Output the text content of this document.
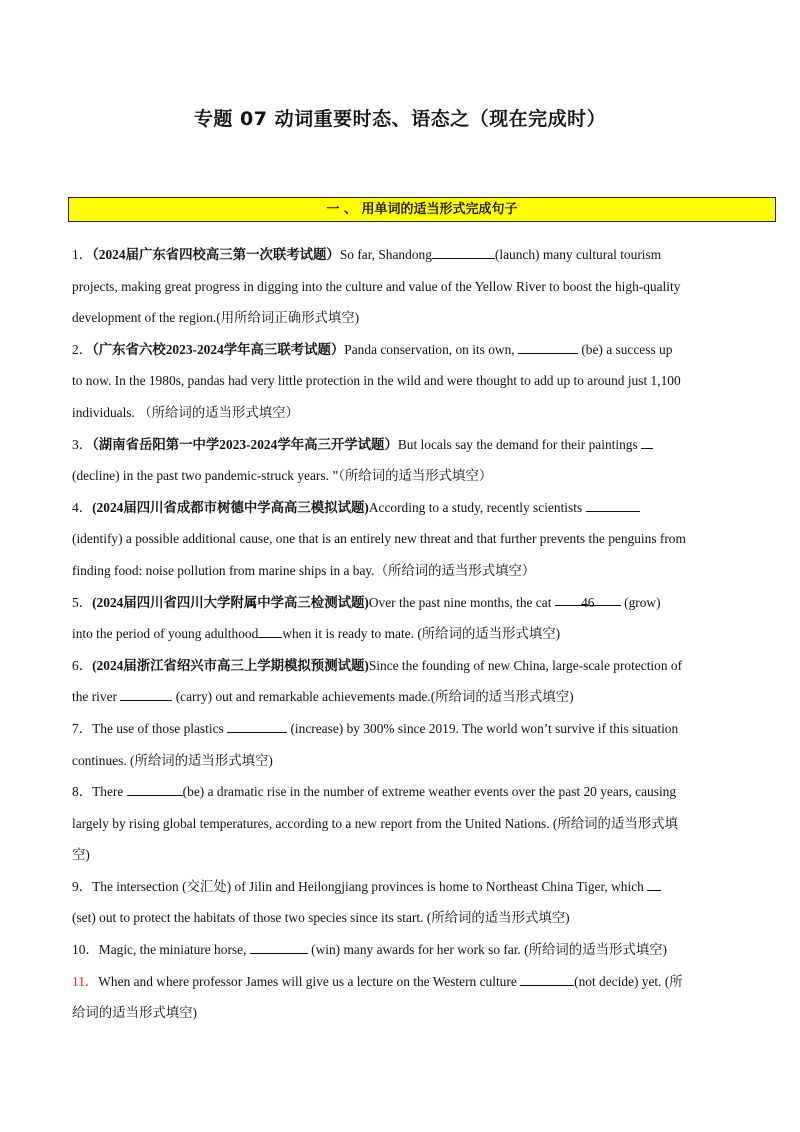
专题 07 动词重要时态、语态之（现在完成时）
一 、 用单词的适当形式完成句子
1．（2024届广东省四校高三第一次联考试题）So far, Shandong	(launch) many cultural tourism
projects, making great progress in digging into the culture and value of the Yellow River to boost the high-quality
development of the region.(用所给词正确形式填空)
2．（广东省六校2023-2024学年高三联考试题）Panda conservation, on its own,	(be) a success up
to now. In the 1980s, pandas had very little protection in the wild and were thought to add up to around just 1,100
individuals. （所给词的适当形式填空）
3．（湖南省岳阳第一中学2023-2024学年高三开学试题）But locals say the demand for their paintings
(decline) in the past two pandemic-struck years. ”（所给词的适当形式填空）
4．(2024届四川省成都市树德中学高高三模拟试题)According to a study, recently scientists
(identify) a possible additional cause, one that is an entirely new threat and that further prevents the penguins from
finding food: noise pollution from marine ships in a bay.（所给词的适当形式填空）
5．(2024届四川省四川大学附属中学高三检测试题)Over the past nine months, the cat 46 (grow)
into the period of young adulthood when it is ready to mate. (所给词的适当形式填空)
6．(2024届浙江省绍兴市高三上学期模拟预测试题)Since the founding of new China, large-scale protection of
the river	(carry) out and remarkable achievements made.(所给词的适当形式填空)
7．The use of those plastics	(increase) by 300% since 2019. The world won’t survive if this situation
continues. (所给词的适当形式填空)
8．There	(be) a dramatic rise in the number of extreme weather events over the past 20 years, causing
largely by rising global temperatures, according to a new report from the United Nations. (所给词的适当形式填
空)
9．The intersection (交汇处) of Jilin and Heilongjiang provinces is home to Northeast China Tiger, which
(set) out to protect the habitats of those two species since its start. (所给词的适当形式填空)
10．Magic, the miniature horse,	(win) many awards for her work so far. (所给词的适当形式填空)
11．When and where professor James will give us a lecture on the Western culture	(not decide) yet. (所
给词的适当形式填空)
